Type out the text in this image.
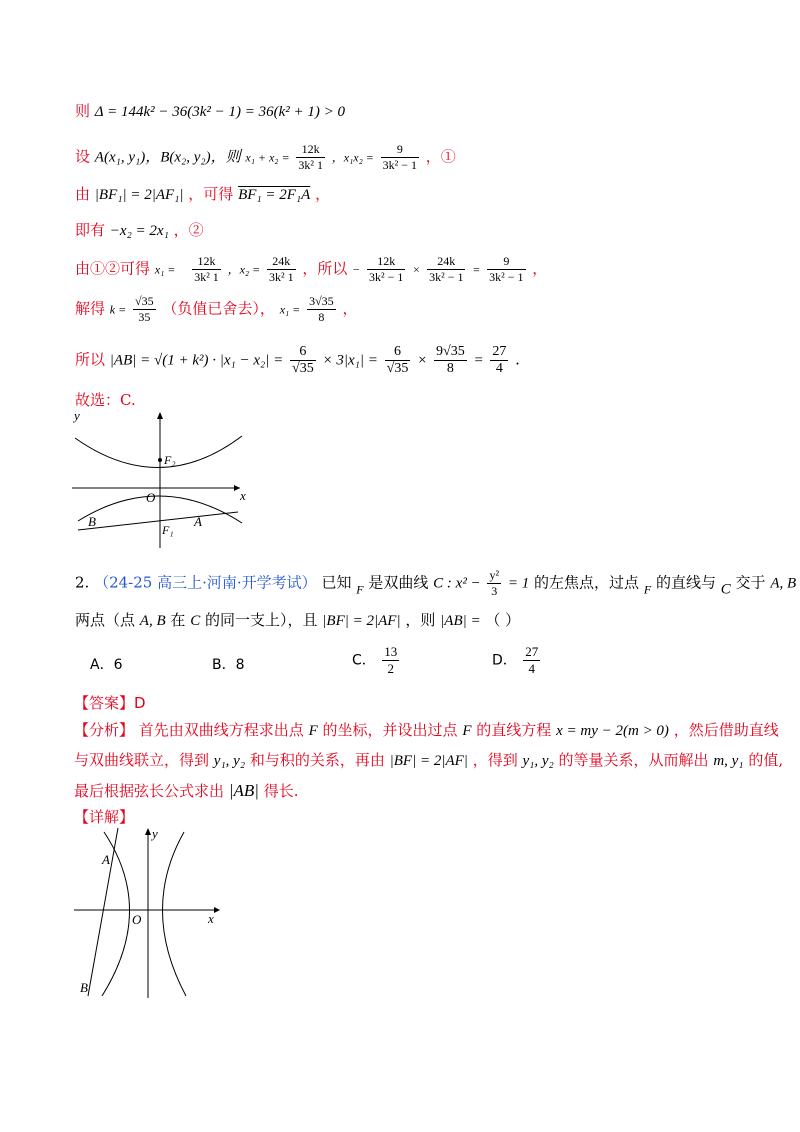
则 Δ = 144k² − 36(3k² − 1) = 36(k² + 1) > 0
设 A(x₁, y₁)，B(x₂, y₂)，则 $x_1 + x_2 = \frac{12k}{\text{3k² 1}}$ ，$x_1x_2 = \frac{9}{\text{3k² − 1}}$ ，①
由 |BF₁| = 2|AF₁| ，可得 BF₁ = 2F₁A ，
即有 −x₂ = 2x₁ ，②
由①②可得 $x_1 = \frac{12k}{\text{3k² 1}}$ ，$x_2 = \frac{24k}{\text{3k² 1}}$ ，所以 − $\frac{12k}{\text{3k² − 1}} \times \frac{24k}{\text{3k² − 1}} = \frac{9}{\text{3k² − 1}}$ ，
解得 $k = \frac{√35}{35}$ （负值已舍去）， $x_1 = \frac{3√35}{8}$ ，
所以 $|AB| = √(1 + k^2) \cdot |x_1 - x_2| = \frac{6}{√35} \times 3|x_1| = \frac{6}{√35} \times \frac{9√35}{8} = \frac{27}{4}$ .
故选：C.
y
x
O
F₂
F₁
A
B
2. （24-25 高三上·河南·开学考试） 已知 $_F$ 是双曲线 C : $x^2 - \frac{\text{y²}}{3} = 1$ 的左焦点，过点 $_F$ 的直线与 C 交于 A, B
两点（点 A, B 在 C 的同一支上），且 |BF| = 2|AF| ，则 |AB| = （ ）
A．6	B．8	C． $\frac{13}{2}$	D． $\frac{27}{4}$
【答案】D
【分析】 首先由双曲线方程求出点 F 的坐标，并设出过点 F 的直线方程 x = my − 2(m > 0) ，然后借助直线
与双曲线联立，得到 y₁, y₂ 和与积的关系，再由 |BF| = 2|AF| ，得到 y₁, y₂ 的等量关系，从而解出 m, y₁ 的值,
最后根据弦长公式求出 |AB| 得长.
【详解】
y
x
O
A
B
